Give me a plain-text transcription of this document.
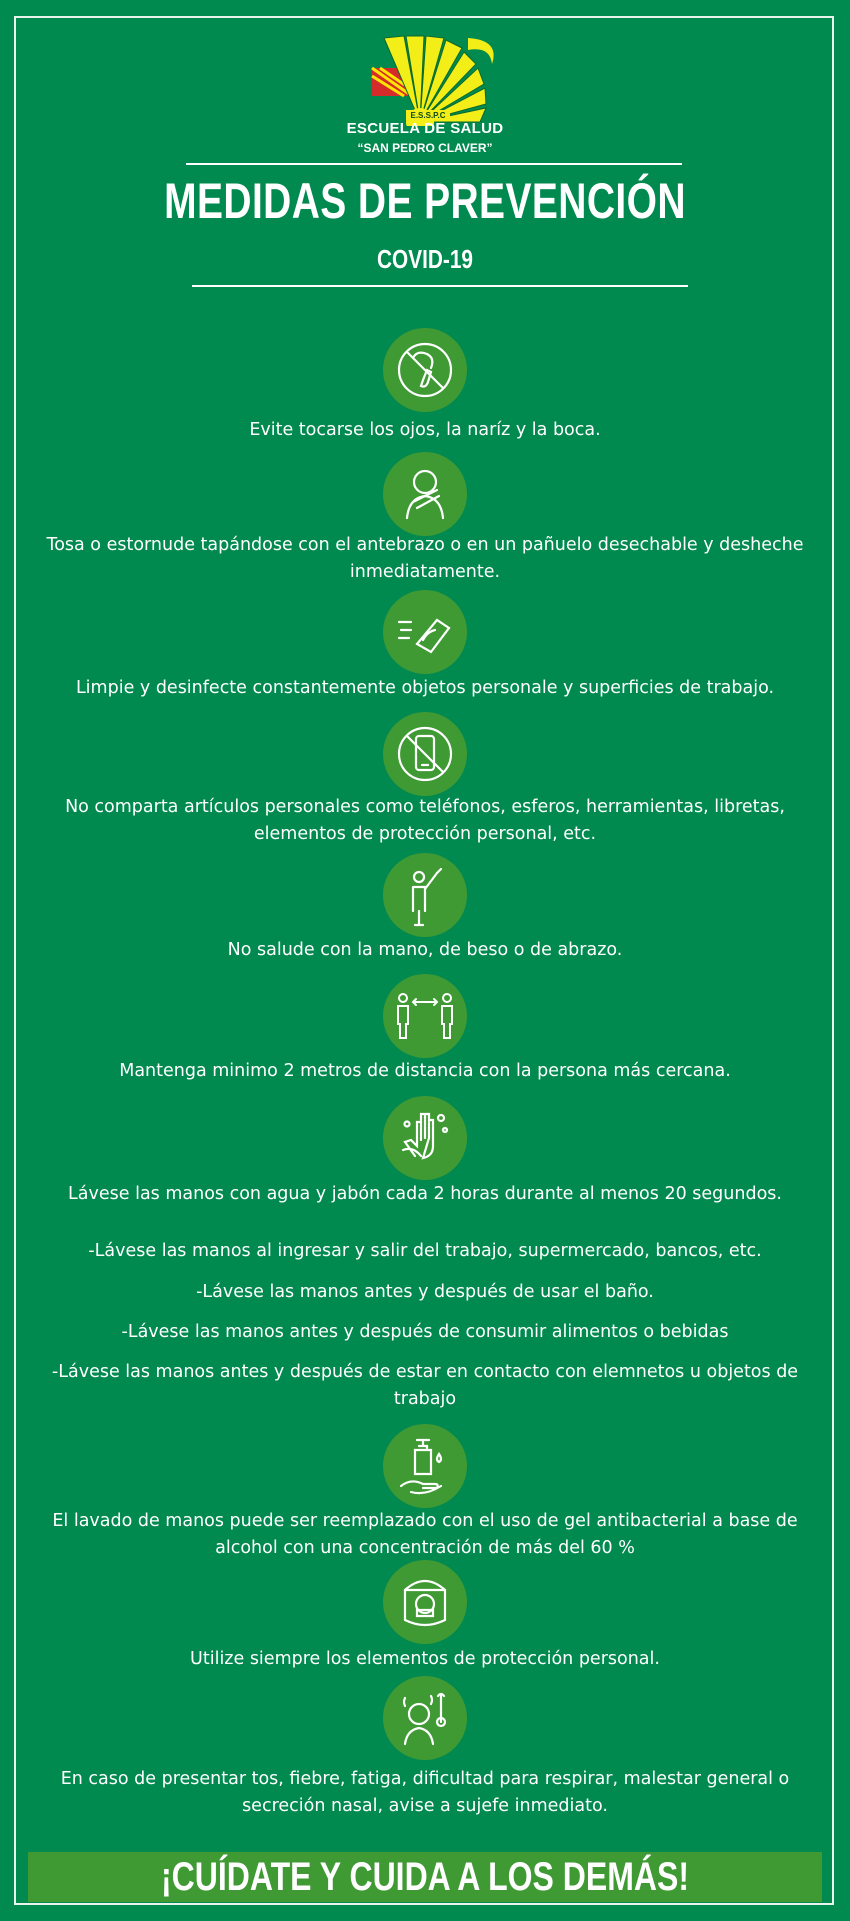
E.S.S.P.C
ESCUELA DE SALUD
“SAN PEDRO CLAVER”
MEDIDAS DE PREVENCIÓN
COVID-19
Evite tocarse los ojos, la naríz y la boca.
Tosa o estornude tapándose con el antebrazo o en un pañuelo desechable y desheche inmediatamente.
Limpie y desinfecte constantemente objetos personale y superficies de trabajo.
No comparta artículos personales como teléfonos, esferos, herramientas, libretas, elementos de protección personal, etc.
No salude con la mano, de beso o de abrazo.
Mantenga minimo 2 metros de distancia con la persona más cercana.
Lávese las manos con agua y jabón cada 2 horas durante al menos 20 segundos.
-Lávese las manos al ingresar y salir del trabajo, supermercado, bancos, etc.
-Lávese las manos antes y después de usar el baño.
-Lávese las manos antes y después de consumir alimentos o bebidas
-Lávese las manos antes y después de estar en contacto con elemnetos u objetos de trabajo
El lavado de manos puede ser reemplazado con el uso de gel antibacterial a base de alcohol con una concentración de más del 60 %
Utilize siempre los elementos de protección personal.
En caso de presentar tos, fiebre, fatiga, dificultad para respirar, malestar general o secreción nasal, avise a sujefe inmediato.
¡CUÍDATE Y CUIDA A LOS DEMÁS!
